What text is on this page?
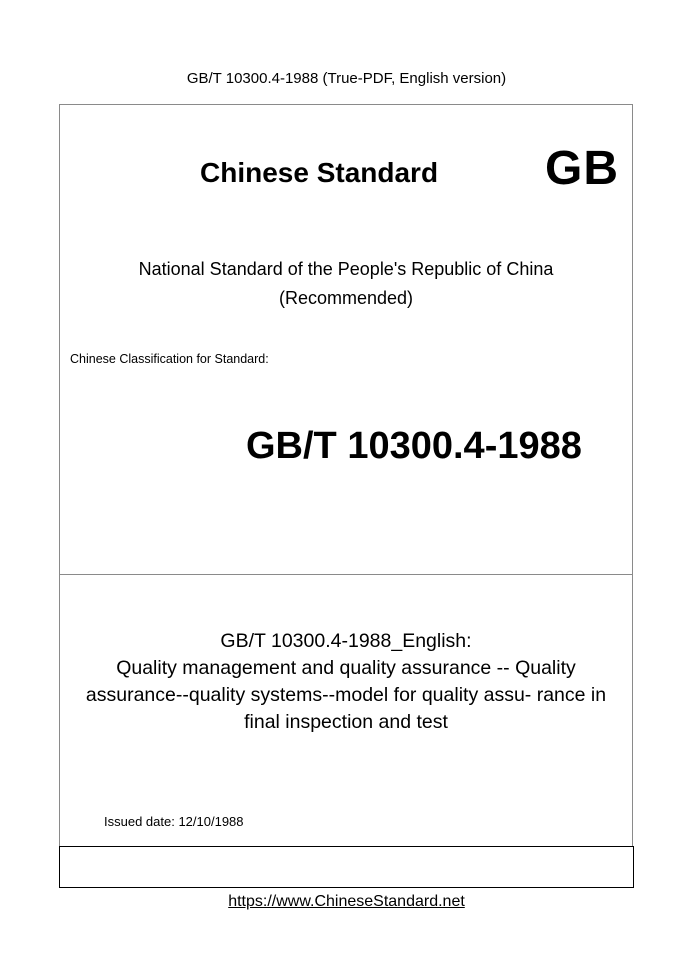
GB/T 10300.4-1988 (True-PDF, English version)
Chinese Standard GB
National Standard of the People's Republic of China
(Recommended)
Chinese Classification for Standard:
GB/T 10300.4-1988
GB/T 10300.4-1988_English:
Quality management and quality assurance -- Quality
assurance--quality systems--model for quality assu- rance in
final inspection and test
Issued date: 12/10/1988
https://www.ChineseStandard.net
